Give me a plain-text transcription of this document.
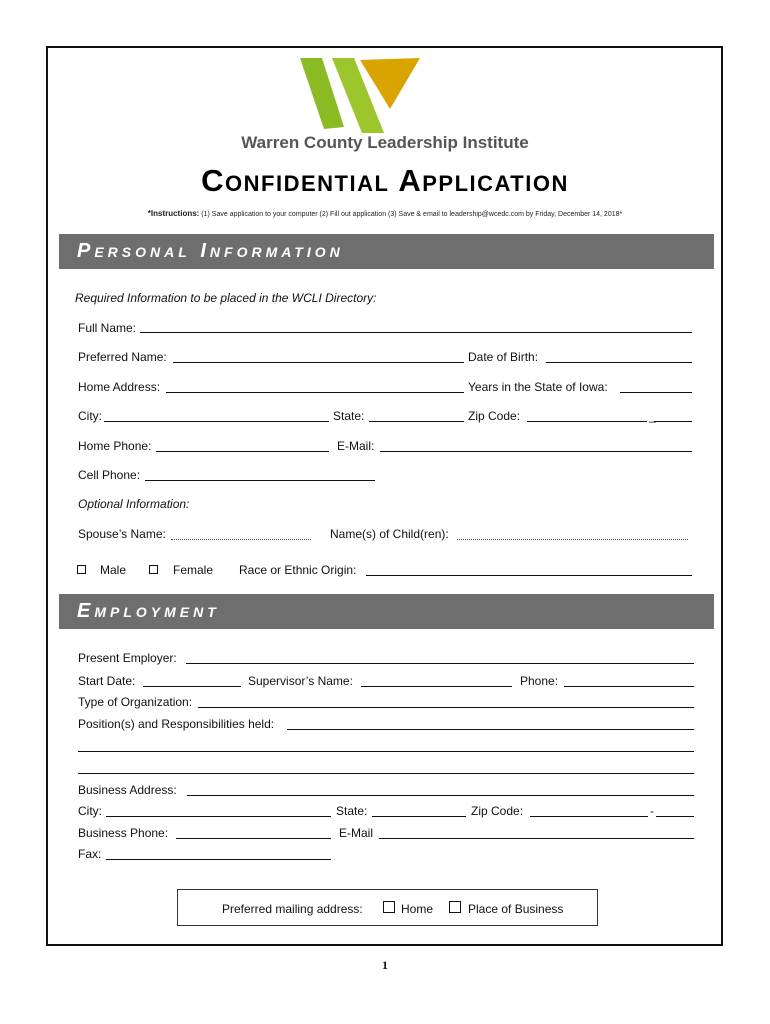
Warren County Leadership Institute
Confidential Application
*Instructions: (1) Save application to your computer (2) Fill out application (3) Save & email to leadership@wcedc.com by Friday, December 14, 2018*
Personal Information
Required Information to be placed in the WCLI Directory:
Full Name:
Preferred Name:	Date of Birth:
Home Address:	Years in the State of Iowa:
City:	State:	Zip Code:	_
Home Phone:	E-Mail:
Cell Phone:
Optional Information:
Spouse’s Name:	Name(s) of Child(ren):
Male	Female Race or Ethnic Origin:
Employment
Present Employer:
Start Date:	Supervisor’s Name:	Phone:
Type of Organization:
Position(s) and Responsibilities held:
Business Address:
City:	State:	Zip Code:	-
Business Phone:	E-Mail
Fax:
Preferred mailing address:	Home	Place of Business
1
